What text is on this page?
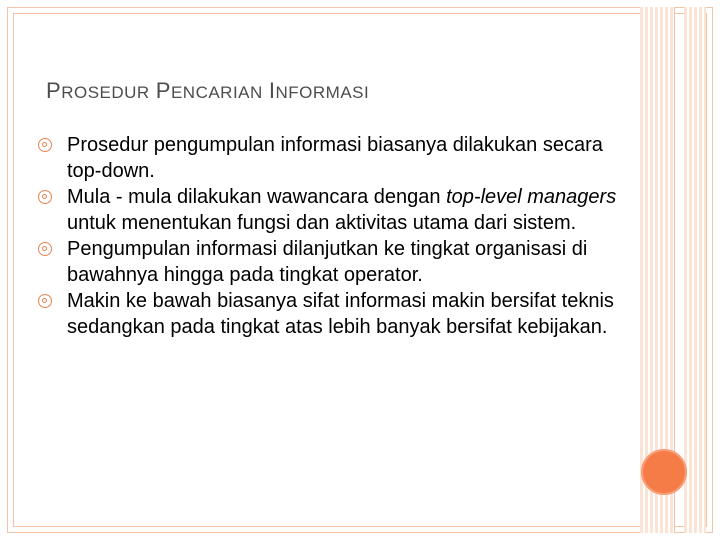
PROSEDUR PENCARIAN INFORMASI
Prosedur pengumpulan informasi biasanya dilakukan secara top-down.
Mula - mula dilakukan wawancara dengan top-level managers untuk menentukan fungsi dan aktivitas utama dari sistem.
Pengumpulan informasi dilanjutkan ke tingkat organisasi di bawahnya hingga pada tingkat operator.
Makin ke bawah biasanya sifat informasi makin bersifat teknis sedangkan pada tingkat atas lebih banyak bersifat kebijakan.
